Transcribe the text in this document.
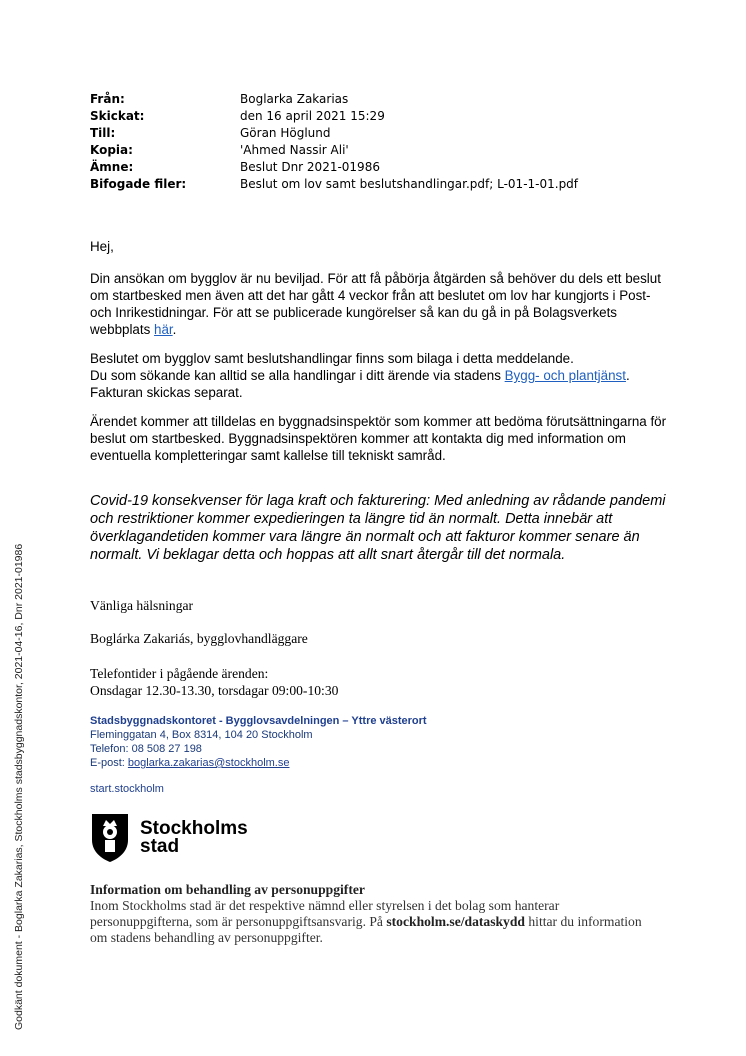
Från:	Boglarka Zakarias
Skickat:	den 16 april 2021 15:29
Till:	Göran Höglund
Kopia:	'Ahmed Nassir Ali'
Ämne:	Beslut Dnr 2021-01986
Bifogade filer:	Beslut om lov samt beslutshandlingar.pdf; L-01-1-01.pdf
Hej,

Din ansökan om bygglov är nu beviljad. För att få påbörja åtgärden så behöver du dels ett beslut om startbesked men även att det har gått 4 veckor från att beslutet om lov har kungjorts i Post- och Inrikestidningar. För att se publicerade kungörelser så kan du gå in på Bolagsverkets webbplats här.

Beslutet om bygglov samt beslutshandlingar finns som bilaga i detta meddelande.

Du som sökande kan alltid se alla handlingar i ditt ärende via stadens Bygg- och plantjänst.

Fakturan skickas separat.

Ärendet kommer att tilldelas en byggnadsinspektör som kommer att bedöma förutsättningarna för beslut om startbesked. Byggnadsinspektören kommer att kontakta dig med information om eventuella kompletteringar samt kallelse till tekniskt samråd.

Covid-19 konsekvenser för laga kraft och fakturering: Med anledning av rådande pandemi och restriktioner kommer expedieringen ta längre tid än normalt. Detta innebär att överklagandetiden kommer vara längre än normalt och att fakturor kommer senare än normalt. Vi beklagar detta och hoppas att allt snart återgår till det normala.
Vänliga hälsningar
Boglárka Zakariás, bygglovhandläggare
Telefontider i pågående ärenden:
Onsdagar 12.30-13.30, torsdagar 09:00-10:30
Stadsbyggnadskontoret - Bygglovsavdelningen – Yttre västerort
Fleminggatan 4, Box 8314, 104 20 Stockholm
Telefon: 08 508 27 198
E-post: boglarka.zakarias@stockholm.se
start.stockholm
Stockholms
stad
Information om behandling av personuppgifter
Inom Stockholms stad är det respektive nämnd eller styrelsen i det bolag som hanterar personuppgifterna, som är personuppgiftsansvarig. På stockholm.se/dataskydd hittar du information om stadens behandling av personuppgifter.
Godkänt dokument - Boglarka Zakarias, Stockholms stadsbyggnadskontor, 2021-04-16, Dnr 2021-01986
